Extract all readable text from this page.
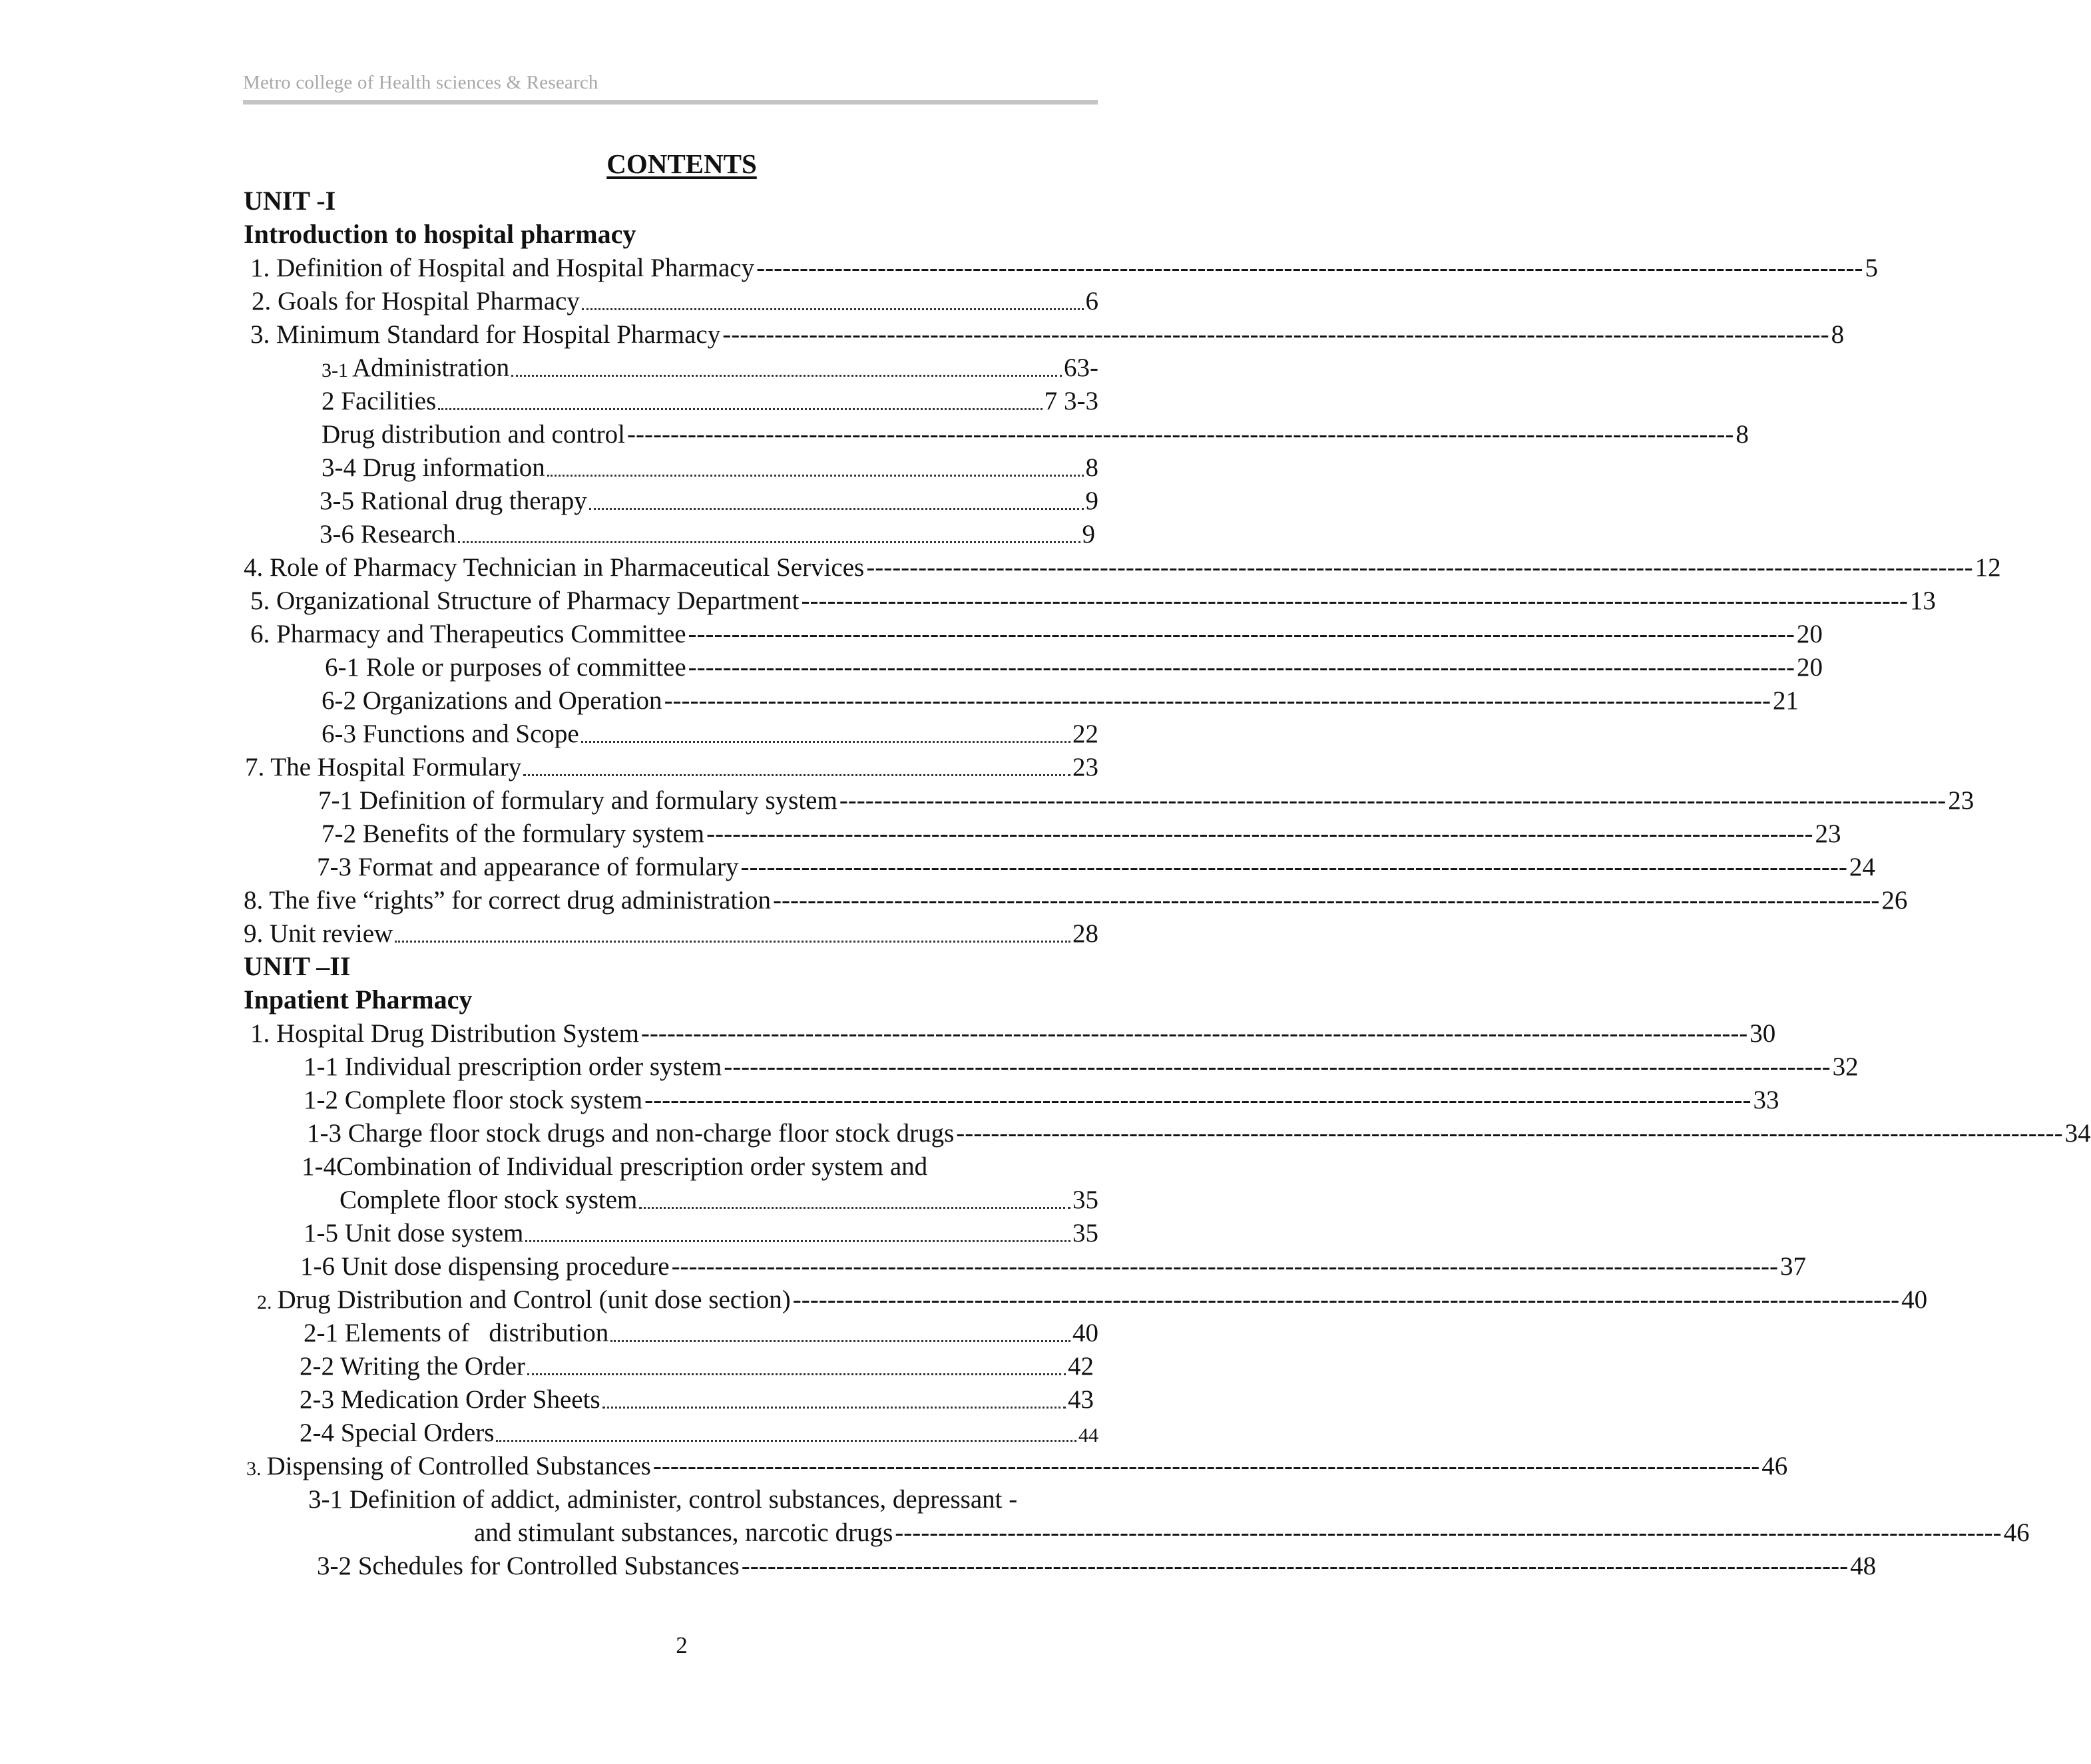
Metro college of Health sciences & Research
CONTENTS
UNIT -I
Introduction to hospital pharmacy
1. Definition of Hospital and Hospital Pharmacy -------------------------------------------------------------------------------------------------------------------------------- 5
2. Goals for Hospital Pharmacy	6
3. Minimum Standard for Hospital Pharmacy -------------------------------------------------------------------------------------------------------------------------------- 8
3-1 Administration	63-
2 Facilities	7 3-3
Drug distribution and control -------------------------------------------------------------------------------------------------------------------------------- 8
3-4 Drug information	8
3-5 Rational drug therapy	9
3-6 Research	9
4. Role of Pharmacy Technician in Pharmaceutical Services -------------------------------------------------------------------------------------------------------------------------------- 12
5. Organizational Structure of Pharmacy Department -------------------------------------------------------------------------------------------------------------------------------- 13
6. Pharmacy and Therapeutics Committee -------------------------------------------------------------------------------------------------------------------------------- 20
6-1 Role or purposes of committee -------------------------------------------------------------------------------------------------------------------------------- 20
6-2 Organizations and Operation -------------------------------------------------------------------------------------------------------------------------------- 21
6-3 Functions and Scope	22
7. The Hospital Formulary	23
7-1 Definition of formulary and formulary system -------------------------------------------------------------------------------------------------------------------------------- 23
7-2 Benefits of the formulary system -------------------------------------------------------------------------------------------------------------------------------- 23
7-3 Format and appearance of formulary -------------------------------------------------------------------------------------------------------------------------------- 24
8. The five “rights” for correct drug administration -------------------------------------------------------------------------------------------------------------------------------- 26
9. Unit review	28
UNIT –II
Inpatient Pharmacy
1. Hospital Drug Distribution System -------------------------------------------------------------------------------------------------------------------------------- 30
1-1 Individual prescription order system -------------------------------------------------------------------------------------------------------------------------------- 32
1-2 Complete floor stock system -------------------------------------------------------------------------------------------------------------------------------- 33
1-3 Charge floor stock drugs and non-charge floor stock drugs -------------------------------------------------------------------------------------------------------------------------------- 34
1-4Combination of Individual prescription order system and
Complete floor stock system	35
1-5 Unit dose system	35
1-6 Unit dose dispensing procedure -------------------------------------------------------------------------------------------------------------------------------- 37
2. Drug Distribution and Control (unit dose section) -------------------------------------------------------------------------------------------------------------------------------- 40
2-1 Elements of   distribution	40
2-2 Writing the Order	42
2-3 Medication Order Sheets	43
2-4 Special Orders	44
3. Dispensing of Controlled Substances -------------------------------------------------------------------------------------------------------------------------------- 46
3-1 Definition of addict, administer, control substances, depressant -
and stimulant substances, narcotic drugs -------------------------------------------------------------------------------------------------------------------------------- 46
3-2 Schedules for Controlled Substances -------------------------------------------------------------------------------------------------------------------------------- 48
2
